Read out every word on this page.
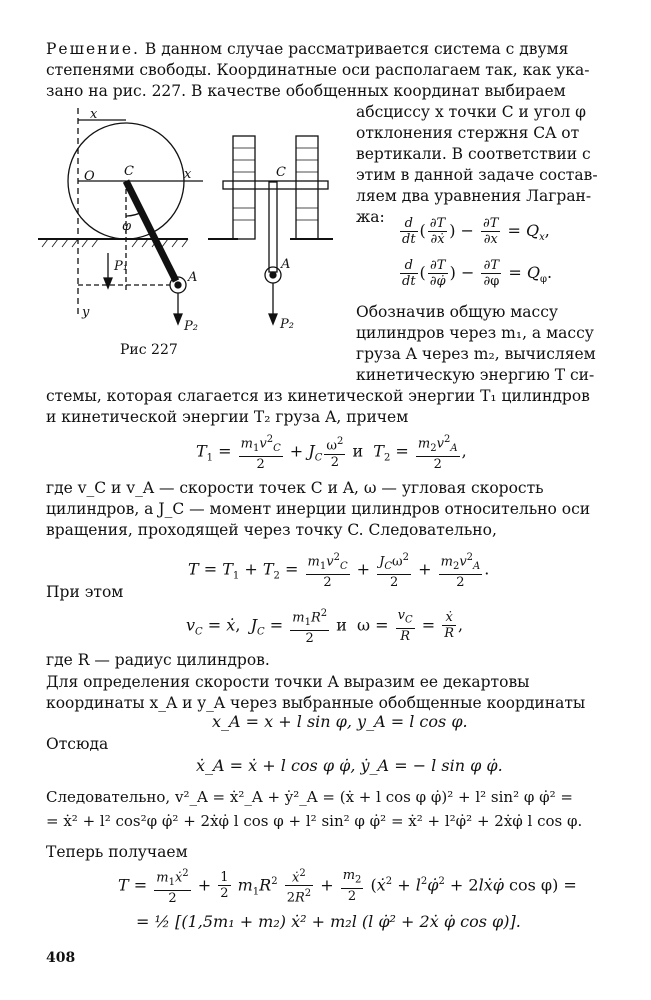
Решение. В данном случае рассматривается система с двумя
степенями свободы. Координатные оси располагаем так, как ука-
зано на рис. 227. В качестве обобщенных координат выбираем
x
O C
φ
x
P₁
A
P₂
y
C
A
P₂
Рис 227
абсциссу x точки C и угол φ
отклонения стержня CA от
вертикали. В соответствии с
этим в данной задаче состав-
ляем два уравнения Лагран-
жа:	$\frac{d}{dt}$ ( $\frac{\partial T}{\text{∂ẋ}}$ ) − $\frac{\partial T}{\partial x} = Q_x$,
$\frac{d}{dt}$ ( $\frac{\partial T}{\partial\varphi̇}$ ) − $\frac{\partial T}{\partial\varphi} = Q_\varphi$.
Обозначив общую массу
цилиндров через m₁, а массу
груза A через m₂, вычисляем
кинетическую энергию T си-
стемы, которая слагается из кинетической энергии T₁ цилиндров
и кинетической энергии T₂ груза A, причем
$T_1 = \frac{m_1v^2_C}{2} + J_C \frac{\omega^2}{2}$ и  $T_2 = \frac{m_2v^2_A}{2}$ ,
где v_C и v_A — скорости точек C и A, ω — угловая скорость
цилиндров, а J_C — момент инерции цилиндров относительно оси
вращения, проходящей через точку C. Следовательно,
$T = T_1 + T_2 = \frac{m_1v^2_C}{2} + \frac{J_C\omega^2}{2} + \frac{m_2v^2_A}{2}$ .
При этом
$v_C$ = ẋ,  $J_C = \frac{m_1R^2}{2}$ и  $\omega = \frac{v_C}{R} = \frac{\text{ẋ}}{R}$ ,
где R — радиус цилиндров.
Для определения скорости точки A выразим ее декартовы
координаты x_A и y_A через выбранные обобщенные координаты
x_A = x + l sin φ, y_A = l cos φ.
Отсюда
ẋ_A = ẋ + l cos φ φ̇, ẏ_A = − l sin φ φ̇.
Следовательно, v²_A = ẋ²_A + ẏ²_A = (ẋ + l cos φ φ̇)² + l² sin² φ φ̇² =
= ẋ² + l² cos²φ φ̇² + 2ẋφ̇ l cos φ + l² sin² φ φ̇² = ẋ² + l²φ̇² + 2ẋφ̇ l cos φ.
Теперь получаем
$T = \frac{m_1ẋ^2}{2} + \frac{1}{2} m_1R^2 \frac{ẋ^2}{2R^2} + \frac{m_2}{2}$ (ẋ$^2$ + $l^2\varphi̇^2$ + 2lẋφ̇ cos φ) =
= ½ [(1,5m₁ + m₂) ẋ² + m₂l (l φ̇² + 2ẋ φ̇ cos φ)].
408
